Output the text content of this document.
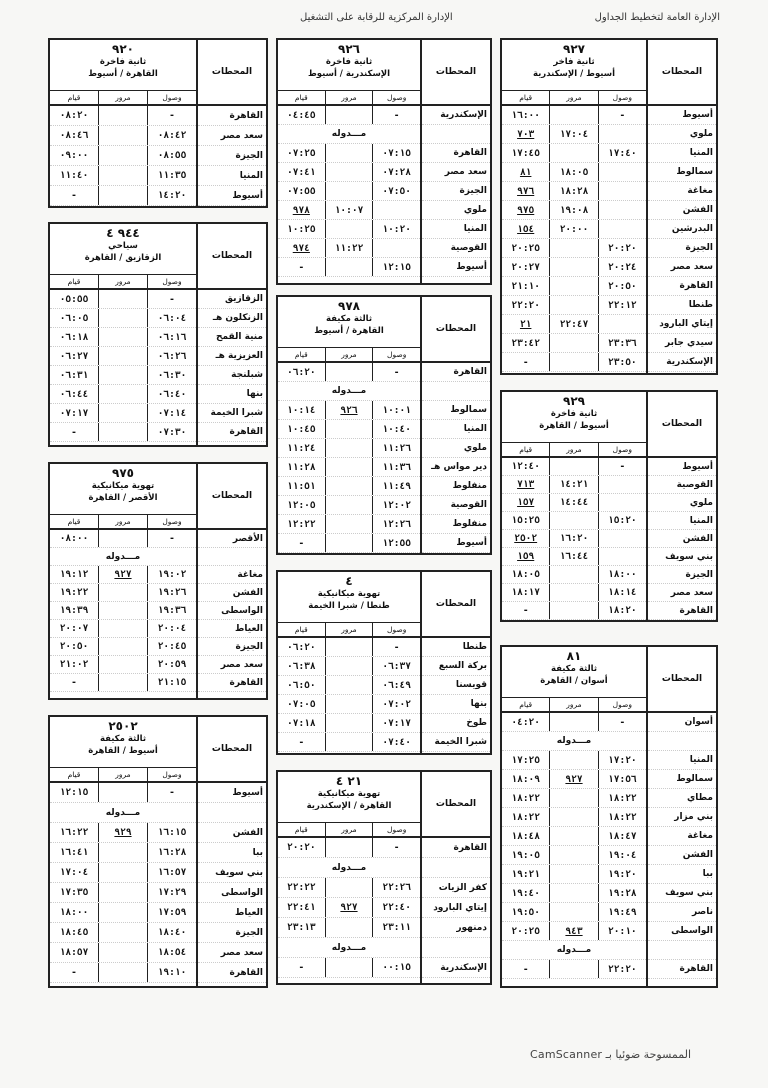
الإدارة العامة لتخطيط الجداول
الإدارة المركزية للرقابة على التشغيل
المحطات
القاهرة
سعد مصر
الجيزة
المنيا
أسيوط
٩٢٠
ثانية فاخرة
القاهرة / أسيوط
وصول
مرور
قيام
-
٠٨:٢٠
٠٨:٤٢
٠٨:٤٦
٠٨:٥٥
٠٩:٠٠
١١:٣٥
١١:٤٠
١٤:٢٠
-
المحطات
الزقازيق
الزنكلون هـ
منية القمح
العزيزية هـ
شبلنجة
بنها
شبرا الخيمة
القاهرة
٩٤٤ ٤
سياحي
الزقازيق / القاهرة
وصول
مرور
قيام
-
٠٥:٥٥
٠٦:٠٤
٠٦:٠٥
٠٦:١٦
٠٦:١٨
٠٦:٢٦
٠٦:٢٧
٠٦:٣٠
٠٦:٣١
٠٦:٤٠
٠٦:٤٤
٠٧:١٤
٠٧:١٧
٠٧:٣٠
-
المحطات
الأقصر
مغاغة
الفشن
الواسطى
العياط
الجيزة
سعد مصر
القاهرة
٩٧٥
تهوية ميكانيكية
الأقصر / القاهرة
وصول
مرور
قيام
-
٠٨:٠٠
مـــدوله
١٩:٠٢
٩٢٧
١٩:١٢
١٩:٢٦
١٩:٢٢
١٩:٣٦
١٩:٣٩
٢٠:٠٤
٢٠:٠٧
٢٠:٤٥
٢٠:٥٠
٢٠:٥٩
٢١:٠٢
٢١:١٥
-
المحطات
أسيوط
الفشن
ببا
بني سويف
الواسطى
العياط
الجيزة
سعد مصر
القاهرة
٢٥٠٢
ثالثة مكيفة
أسيوط / القاهرة
وصول
مرور
قيام
-
١٢:١٥
مـــدوله
١٦:١٥
٩٢٩
١٦:٢٢
١٦:٢٨
١٦:٤١
١٦:٥٧
١٧:٠٤
١٧:٢٩
١٧:٣٥
١٧:٥٩
١٨:٠٠
١٨:٤٠
١٨:٤٥
١٨:٥٤
١٨:٥٧
١٩:١٠
-
المحطات
الإسكندرية
القاهرة
سعد مصر
الجيزة
ملوي
المنيا
القوصية
أسيوط
٩٢٦
ثانية فاخرة
الإسكندرية / أسيوط
وصول
مرور
قيام
-
٠٤:٤٥
مـــدوله
٠٧:١٥
٠٧:٢٥
٠٧:٢٨
٠٧:٤١
٠٧:٥٠
٠٧:٥٥
١٠:٠٧
٩٧٨
١٠:٢٠
١٠:٢٥
١١:٢٢
٩٧٤
١٢:١٥
-
المحطات
القاهرة
سمالوط
المنيا
ملوي
دير مواس هـ
منفلوط
القوصية
منفلوط
أسيوط
٩٧٨
ثالثة مكيفة
القاهرة / أسيوط
وصول
مرور
قيام
-
٠٦:٢٠
مـــدوله
١٠:٠١
٩٢٦
١٠:١٤
١٠:٤٠
١٠:٤٥
١١:٢٦
١١:٢٤
١١:٣٦
١١:٢٨
١١:٤٩
١١:٥١
١٢:٠٢
١٢:٠٥
١٢:٢٦
١٢:٢٢
١٢:٥٥
-
المحطات
طنطا
بركة السبع
قويسنا
بنها
طوخ
شبرا الخيمة
٤
تهوية ميكانيكية
طنطا / شبرا الخيمة
وصول
مرور
قيام
-
٠٦:٢٠
٠٦:٣٧
٠٦:٣٨
٠٦:٤٩
٠٦:٥٠
٠٧:٠٢
٠٧:٠٥
٠٧:١٧
٠٧:١٨
٠٧:٤٠
-
المحطات
القاهرة
كفر الزيات
إيتاي البارود
دمنهور
الإسكندرية
٢١ ٤
تهوية ميكانيكية
القاهرة / الإسكندرية
وصول
مرور
قيام
-
٢٠:٢٠
مـــدوله
٢٢:٢٦
٢٢:٢٢
٢٢:٤٠
٩٢٧
٢٢:٤١
٢٣:١١
٢٣:١٣
مـــدوله
٠٠:١٥
-
المحطات
أسيوط
ملوي
المنيا
سمالوط
مغاغة
الفشن
البدرشين
الجيزة
سعد مصر
القاهرة
طنطا
إيتاي البارود
سيدي جابر
الإسكندرية
٩٢٧
ثانية فاخر
أسيوط / الإسكندرية
وصول
مرور
قيام
-
١٦:٠٠
١٧:٠٤
٧٠٣
١٧:٤٠
١٧:٤٥
١٨:٠٥
٨١
١٨:٢٨
٩٧٦
١٩:٠٨
٩٧٥
٢٠:٠٠
١٥٤
٢٠:٢٠
٢٠:٢٥
٢٠:٢٤
٢٠:٢٧
٢٠:٥٠
٢١:١٠
٢٢:١٢
٢٢:٢٠
٢٢:٤٧
٢١
٢٣:٣٦
٢٣:٤٢
٢٣:٥٠
-
المحطات
أسيوط
القوصية
ملوي
المنيا
الفشن
بني سويف
الجيزة
سعد مصر
القاهرة
٩٢٩
ثانية فاخرة
أسيوط / القاهرة
وصول
مرور
قيام
-
١٢:٤٠
١٤:٢١
٧١٣
١٤:٤٤
١٥٧
١٥:٢٠
١٥:٢٥
١٦:٢٠
٢٥٠٢
١٦:٤٤
١٥٩
١٨:٠٠
١٨:٠٥
١٨:١٤
١٨:١٧
١٨:٢٠
-
المحطات
أسوان
المنيا
سمالوط
مطاي
بني مزار
مغاغة
الفشن
ببا
بني سويف
ناصر
الواسطى
القاهرة
٨١
ثالثة مكيفة
أسوان / القاهرة
وصول
مرور
قيام
-
٠٤:٢٠
مـــدوله
١٧:٢٠
١٧:٢٥
١٧:٥٦
٩٢٧
١٨:٠٩
١٨:٢٢
١٨:٢٢
١٨:٢٢
١٨:٢٢
١٨:٤٧
١٨:٤٨
١٩:٠٤
١٩:٠٥
١٩:٢٠
١٩:٢١
١٩:٢٨
١٩:٤٠
١٩:٤٩
١٩:٥٠
٢٠:١٠
٩٤٣
٢٠:٢٥
مـــدوله
٢٢:٢٠
-
الممسوحة ضوئيا بـ CamScanner
